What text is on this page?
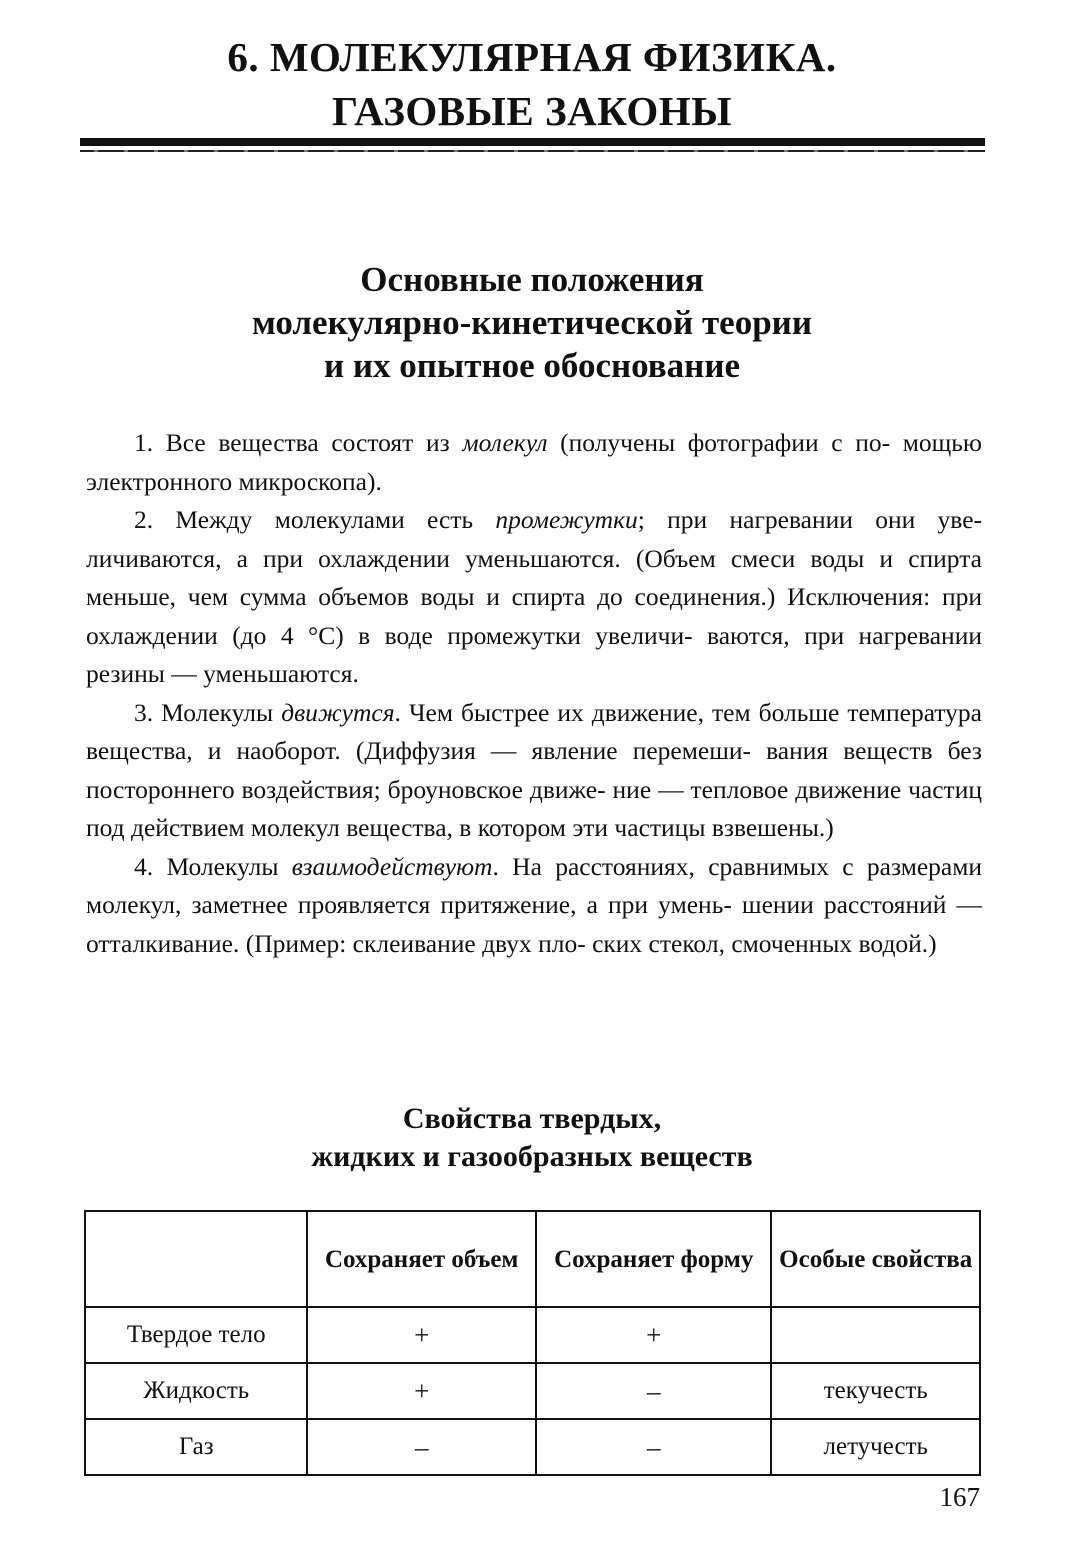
6. МОЛЕКУЛЯРНАЯ ФИЗИКА.
ГАЗОВЫЕ ЗАКОНЫ
Основные положения
молекулярно-кинетической теории
и их опытное обоснование

1. Все вещества состоят из молекул (получены фотографии с по- мощью электронного микроскопа).

2. Между молекулами есть промежутки; при нагревании они уве- личиваются, а при охлаждении уменьшаются. (Объем смеси воды и спирта меньше, чем сумма объемов воды и спирта до соединения.) Исключения: при охлаждении (до 4 °С) в воде промежутки увеличи- ваются, при нагревании резины — уменьшаются.

3. Молекулы движутся. Чем быстрее их движение, тем больше температура вещества, и наоборот. (Диффузия — явление перемеши- вания веществ без постороннего воздействия; броуновское движе- ние — тепловое движение частиц под действием молекул вещества, в котором эти частицы взвешены.)

4. Молекулы взаимодействуют. На расстояниях, сравнимых с размерами молекул, заметнее проявляется притяжение, а при умень- шении расстояний — отталкивание. (Пример: склеивание двух пло- ских стекол, смоченных водой.)

Свойства твердых,
жидких и газообразных веществ
	Сохраняет объем	Сохраняет форму	Особые свойства
Твердое тело	+	+	
Жидкость	+	–	текучесть
Газ	–	–	летучесть
167
